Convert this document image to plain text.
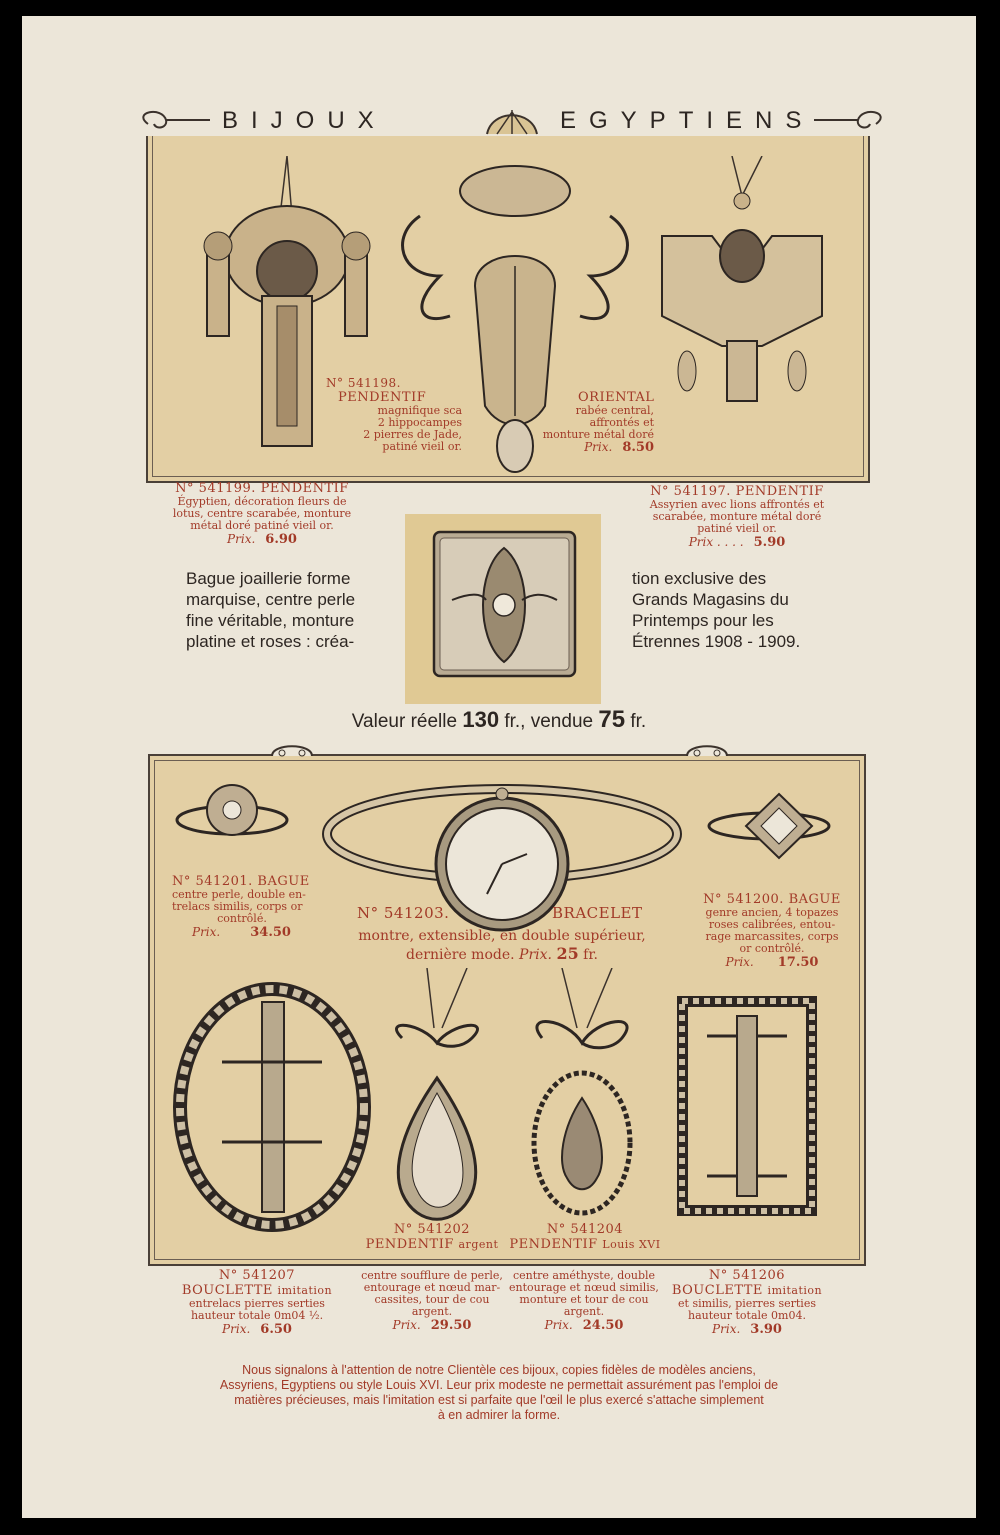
BIJOUX	EGYPTIENS
N° 541198.
PENDENTIF	ORIENTAL
magnifique sca
2 hippocampes
2 pierres de Jade,
patiné vieil or.
rabée central,
affrontés et
monture métal doré
Prix. 8.50
N° 541199. PENDENTIF
Égyptien, décoration fleurs de
lotus, centre scarabée, monture
métal doré patiné vieil or.
Prix. 6.90
N° 541197. PENDENTIF
Assyrien avec lions affrontés et
scarabée, monture métal doré
patiné vieil or.
Prix . . . . 5.90
Bague joaillerie forme
marquise, centre perle
fine véritable, monture
platine et roses : créa-
tion exclusive des
Grands Magasins du
Printemps pour les
Étrennes 1908 - 1909.
Valeur réelle 130 fr., vendue 75 fr.
N° 541201. BAGUE
centre perle, double en-
trelacs similis, corps or
contrôlé.
Prix. 34.50
N° 541203.	BRACELET
montre, extensible, en double supérieur,
dernière mode. Prix. 25 fr.
N° 541200. BAGUE
genre ancien, 4 topazes
roses calibrées, entou-
rage marcassites, corps
or contrôlé.
Prix. 17.50
N° 541202
PENDENTIF argent
N° 541204
PENDENTIF Louis XVI
N° 541207
BOUCLETTE imitation
entrelacs pierres serties
hauteur totale 0m04 ½.
Prix. 6.50
centre soufflure de perle,
entourage et nœud mar-
cassites, tour de cou
argent.
Prix. 29.50
centre améthyste, double
entourage et nœud similis,
monture et tour de cou
argent.
Prix. 24.50
N° 541206
BOUCLETTE imitation
et similis, pierres serties
hauteur totale 0m04.
Prix. 3.90
Nous signalons à l'attention de notre Clientèle ces bijoux, copies fidèles de modèles anciens,
Assyriens, Egyptiens ou style Louis XVI. Leur prix modeste ne permettait assurément pas l'emploi de
matières précieuses, mais l'imitation est si parfaite que l'œil le plus exercé s'attache simplement
à en admirer la forme.
